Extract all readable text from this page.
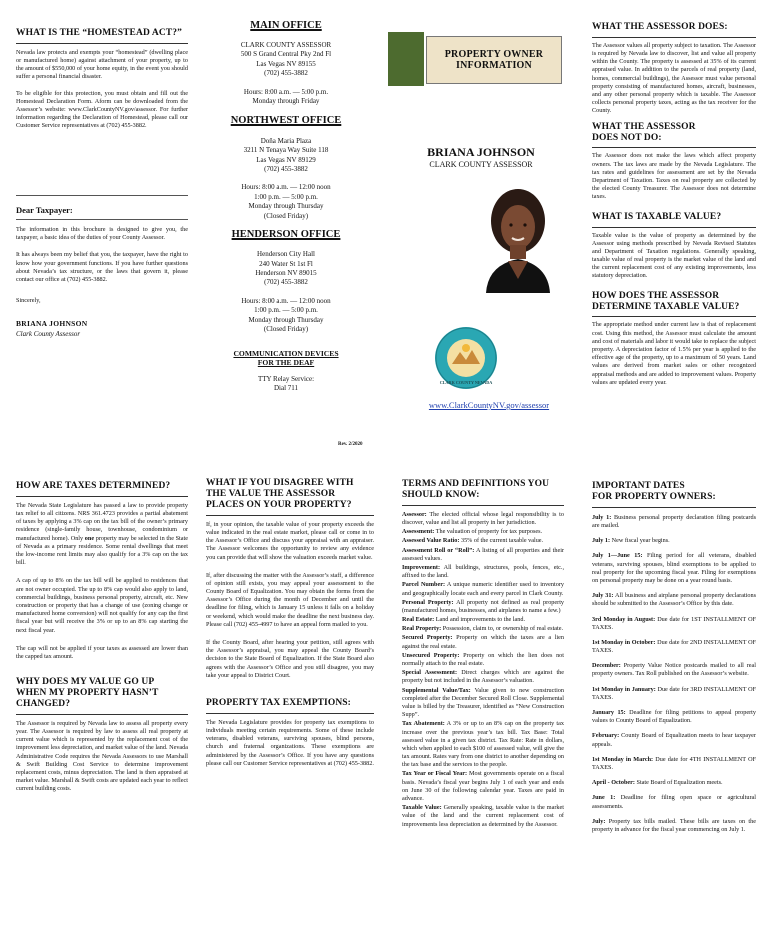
WHAT IS THE “HOMESTEAD ACT?”

Nevada law protects and exempts your “homestead” (dwelling place or manufactured home) against attachment of your property, up to the amount of $550,000 of your home equity, in the event you should suffer a personal financial disaster.

To be eligible for this protection, you must obtain and fill out the Homestead Declaration Form. Aform can be downloaded from the Assessor’s website: www.ClarkCountyNV.gov/assessor. For further information regarding the Declaration of Homestead, please call our Customer Service representatives at (702) 455-3882.

Dear Taxpayer:

The information in this brochure is designed to give you, the taxpayer, a basic idea of the duties of your County Assessor.

It has always been my belief that you, the taxpayer, have the right to know how your government functions. If you have further questions about Nevada’s tax structure, or the laws that govern it, please contact our office at (702) 455-3882.

Sincerely,

BRIANA JOHNSON
Clark County Assessor
MAIN OFFICE
CLARK COUNTY ASSESSOR
500 S Grand Central Pky 2nd Fl
Las Vegas NV 89155
(702) 455-3882
Hours: 8:00 a.m. — 5:00 p.m.
Monday through Friday
NORTHWEST OFFICE
Doña Maria Plaza
3211 N Tenaya Way Suite 118
Las Vegas NV 89129
(702) 455-3882
Hours: 8:00 a.m. — 12:00 noon
1:00 p.m. — 5:00 p.m.
Monday through Thursday
(Closed Friday)
HENDERSON OFFICE
Henderson City Hall
240 Water St 1st Fl
Henderson NV 89015
(702) 455-3882
Hours: 8:00 a.m. — 12:00 noon
1:00 p.m. — 5:00 p.m.
Monday through Thursday
(Closed Friday)
COMMUNICATION DEVICES
FOR THE DEAF
TTY Relay Service:
Dial 711
PROPERTY OWNER
INFORMATION
BRIANA JOHNSON
CLARK COUNTY ASSESSOR
CLARK COUNTY NEVADA
www.ClarkCountyNV.gov/assessor
Rev. 2/2020
WHAT THE ASSESSOR DOES:

The Assessor values all property subject to taxation. The Assessor is required by Nevada law to discover, list and value all property within the County. The property is assessed at 35% of its current appraised value. In addition to the parcels of real property (land, homes, commercial buildings), the Assessor must value personal property consisting of manufactured homes, aircraft, businesses, and any other personal property which is taxable. The Assessor collects personal property taxes, acting as the tax receiver for the County.

WHAT THE ASSESSOR
DOES NOT DO:

The Assessor does not make the laws which affect property owners. The tax laws are made by the Nevada Legislature. The tax rates and guidelines for assessment are set by the Nevada Department of Taxation. Taxes on real property are collected by the elected County Treasurer. The Assessor does not determine taxes.

WHAT IS TAXABLE VALUE?

Taxable value is the value of property as determined by the Assessor using methods prescribed by Nevada Revised Statutes and Department of Taxation regulations. Generally speaking, taxable value of real property is the market value of the land and the current replacement cost of any existing improvements, less statutory depreciation.

HOW DOES THE ASSESSOR
DETERMINE TAXABLE VALUE?

The appropriate method under current law is that of replacement cost. Using this method, the Assessor must calculate the amount and cost of materials and labor it would take to replace the subject property. A depreciation factor of 1.5% per year is applied to the effective age of the property, up to a maximum of 50 years. Land values are derived from market sales or other recognized appraisal methods and are added to improvement values. Property values are updated every year.

HOW ARE TAXES DETERMINED?

The Nevada State Legislature has passed a law to provide property tax relief to all citizens. NRS 361.4723 provides a partial abatement of taxes by applying a 3% cap on the tax bill of the owner’s primary residence (single-family house, townhouse, condominium or manufactured home). Only one property may be selected in the State of Nevada as a primary residence. Some rental dwellings that meet the low-income rent limits may also qualify for a 3% cap on the tax bill.

A cap of up to 8% on the tax bill will be applied to residences that are not owner occupied. The up to 8% cap would also apply to land, commercial buildings, business personal property, aircraft, etc. New construction or property that has a change of use (zoning change or manufactured home conversion) will not qualify for any cap the first fiscal year but will receive the 3% or up to an 8% cap starting the next fiscal year.

The cap will not be applied if your taxes as assessed are lower than the capped tax amount.

WHY DOES MY VALUE GO UP
WHEN MY PROPERTY HASN’T
CHANGED?

The Assessor is required by Nevada law to assess all property every year. The Assessor is required by law to assess all real property at current value which is represented by the replacement cost of the improvement less depreciation, and market value of the land. Nevada Administrative Code requires the Nevada Assessors to use Marshall & Swift Building Cost Service to determine improvement replacement costs, minus depreciation. The land is then appraised at market value. Marshall & Swift costs are updated each year to reflect current building costs.

WHAT IF YOU DISAGREE WITH
THE VALUE THE ASSESSOR
PLACES ON YOUR PROPERTY?

If, in your opinion, the taxable value of your property exceeds the value indicated in the real estate market, please call or come in to the Assessor’s Office and discuss your appraisal with an appraiser. The Assessor welcomes the opportunity to review any evidence you can provide that will show the valuation exceeds market value.

If, after discussing the matter with the Assessor’s staff, a difference of opinion still exists, you may appeal your assessment to the County Board of Equalization. You may obtain the forms from the Assessor’s Office during the month of December and until the deadline for filing, which is January 15 unless it falls on a holiday or weekend, which would make the deadline the next business day. Please call (702) 455-4997 to have an appeal form mailed to you.

If the County Board, after hearing your petition, still agrees with the Assessor’s appraisal, you may appeal the County Board’s decision to the State Board of Equalization. If the State Board also agrees with the Assessor’s Office and you still disagree, you may take your appeal to District Court.

PROPERTY TAX EXEMPTIONS:

The Nevada Legislature provides for property tax exemptions to individuals meeting certain requirements. Some of these include veterans, disabled veterans, surviving spouses, blind persons, church and fraternal organizations. These exemptions are administered by the Assessor’s Office. If you have any questions please call our Customer Service representatives at (702) 455-3882.

TERMS AND DEFINITIONS YOU
SHOULD KNOW:

Assessor: The elected official whose legal responsibility is to discover, value and list all property in her jurisdiction.

Assessment: The valuation of property for tax purposes.

Assessed Value Ratio: 35% of the current taxable value.

Assessment Roll or “Roll”: A listing of all properties and their assessed values.

Improvement: All buildings, structures, pools, fences, etc., affixed to the land.

Parcel Number: A unique numeric identifier used to inventory and geographically locate each and every parcel in Clark County.

Personal Property: All property not defined as real property (manufactured homes, businesses, and airplanes to name a few.)

Real Estate: Land and improvements to the land.

Real Property: Possession, claim to, or ownership of real estate.

Secured Property: Property on which the taxes are a lien against the real estate.

Unsecured Property: Property on which the lien does not normally attach to the real estate.

Special Assessment: Direct charges which are against the property but not included in the Assessor’s valuation.

Supplemental Value/Tax: Value given to new construction completed after the December Secured Roll Close. Supplemental value is billed by the Treasurer, identified as “New Construction Supp”.

Tax Abatement: A 3% or up to an 8% cap on the property tax increase over the previous year’s tax bill. Tax Base: Total assessed value in a given tax district. Tax Rate: Rate in dollars, which when applied to each $100 of assessed value, will give the tax amount. Rates vary from one district to another depending on the tax base and the services to the people.

Tax Year or Fiscal Year: Most governments operate on a fiscal basis. Nevada’s fiscal year begins July 1 of each year and ends on June 30 of the following calendar year. Taxes are paid in advance.

Taxable Value: Generally speaking, taxable value is the market value of the land and the current replacement cost of improvements less depreciation as determined by the Assessor.

IMPORTANT DATES
FOR PROPERTY OWNERS:

July 1: Business personal property declaration filing postcards are mailed.

July 1: New fiscal year begins.

July 1—June 15: Filing period for all veterans, disabled veterans, surviving spouses, blind exemptions to be applied to real property for the upcoming fiscal year. Filing for exemptions on personal property may be done on a year round basis.

July 31: All business and airplane personal property declarations should be submitted to the Assessor’s Office by this date.

3rd Monday in August: Due date for 1ST INSTALLMENT OF TAXES.

1st Monday in October: Due date for 2ND INSTALLMENT OF TAXES.

December: Property Value Notice postcards mailed to all real property owners. Tax Roll published on the Assessor’s website.

1st Monday in January: Due date for 3RD INSTALLMENT OF TAXES.

January 15: Deadline for filing petitions to appeal property values to County Board of Equalization.

February: County Board of Equalization meets to hear taxpayer appeals.

1st Monday in March: Due date for 4TH INSTALLMENT OF TAXES.

April - October: State Board of Equalization meets.

June 1: Deadline for filing open space or agricultural assessments.

July: Property tax bills mailed. These bills are taxes on the property in advance for the fiscal year commencing on July 1.
